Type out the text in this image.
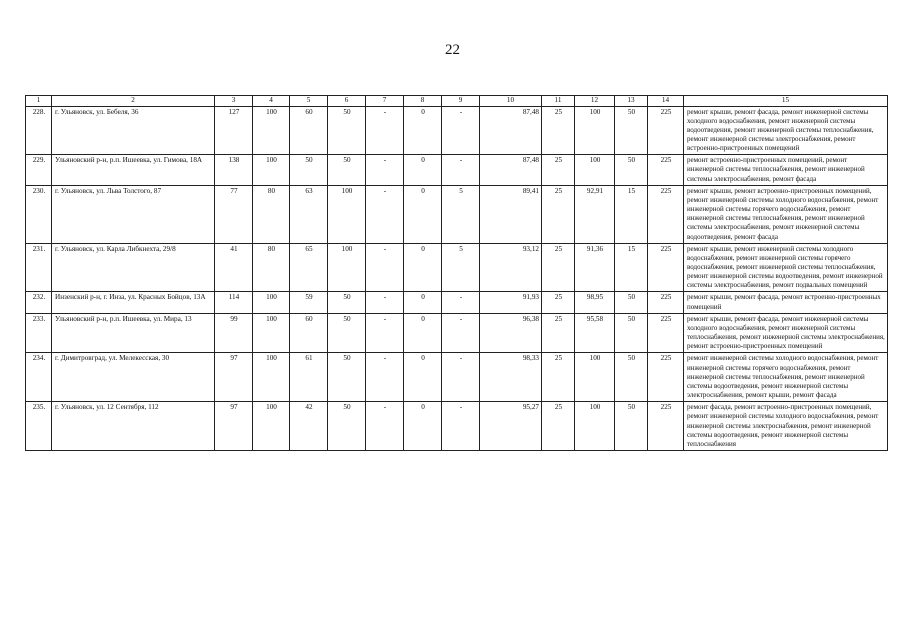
22
1	2	3	4	5	6	7	8	9	10	11	12	13	14	15
228.	г. Ульяновск, ул. Бебеля, 36	127	100	60	50	-	0	-	87,48	25	100	50	225	ремонт крыши, ремонт фасада, ремонт инженерной системы холодного водоснабжения, ремонт инженерной системы водоотведения, ремонт инженерной системы теплоснабжения, ремонт инженерной системы электроснабжения, ремонт встроенно-пристроенных помещений
229.	Ульяновский р-н, р.п. Ишеевка, ул. Гимова, 18А	138	100	50	50	-	0	-	87,48	25	100	50	225	ремонт встроенно-пристроенных помещений, ремонт инженерной системы теплоснабжения, ремонт инженерной системы электроснабжения, ремонт фасада
230.	г. Ульяновск, ул. Льва Толстого, 87	77	80	63	100	-	0	5	89,41	25	92,91	15	225	ремонт крыши, ремонт встроенно-пристроенных помещений, ремонт инженерной системы холодного водоснабжения, ремонт инженерной системы горячего водоснабжения, ремонт инженерной системы теплоснабжения, ремонт инженерной системы электроснабжения, ремонт инженерной системы водоотведения, ремонт фасада
231.	г. Ульяновск, ул. Карла Либкнехта, 29/8	41	80	65	100	-	0	5	93,12	25	91,36	15	225	ремонт крыши, ремонт инженерной системы холодного водоснабжения, ремонт инженерной системы горячего водоснабжения, ремонт инженерной системы теплоснабжения, ремонт инженерной системы водоотведения, ремонт инженерной системы электроснабжения, ремонт подвальных помещений
232.	Инзенский р-н, г. Инза, ул. Красных Бойцов, 13А	114	100	59	50	-	0	-	91,93	25	98,95	50	225	ремонт крыши, ремонт фасада, ремонт встроенно-пристроенных помещений
233.	Ульяновский р-н, р.п. Ишеевка, ул. Мира, 13	99	100	60	50	-	0	-	96,38	25	95,58	50	225	ремонт крыши, ремонт фасада, ремонт инженерной системы холодного водоснабжения, ремонт инженерной системы теплоснабжения, ремонт инженерной системы электроснабжения, ремонт встроенно-пристроенных помещений
234.	г. Димитровград, ул. Мелекесская, 30	97	100	61	50	-	0	-	98,33	25	100	50	225	ремонт инженерной системы холодного водоснабжения, ремонт инженерной системы горячего водоснабжения, ремонт инженерной системы теплоснабжения, ремонт инженерной системы водоотведения, ремонт инженерной системы электроснабжения, ремонт крыши, ремонт фасада
235.	г. Ульяновск, ул. 12 Сентября, 112	97	100	42	50	-	0	-	95,27	25	100	50	225	ремонт фасада, ремонт встроенно-пристроенных помещений, ремонт инженерной системы холодного водоснабжения, ремонт инженерной системы электроснабжения, ремонт инженерной системы водоотведения, ремонт инженерной системы теплоснабжения
